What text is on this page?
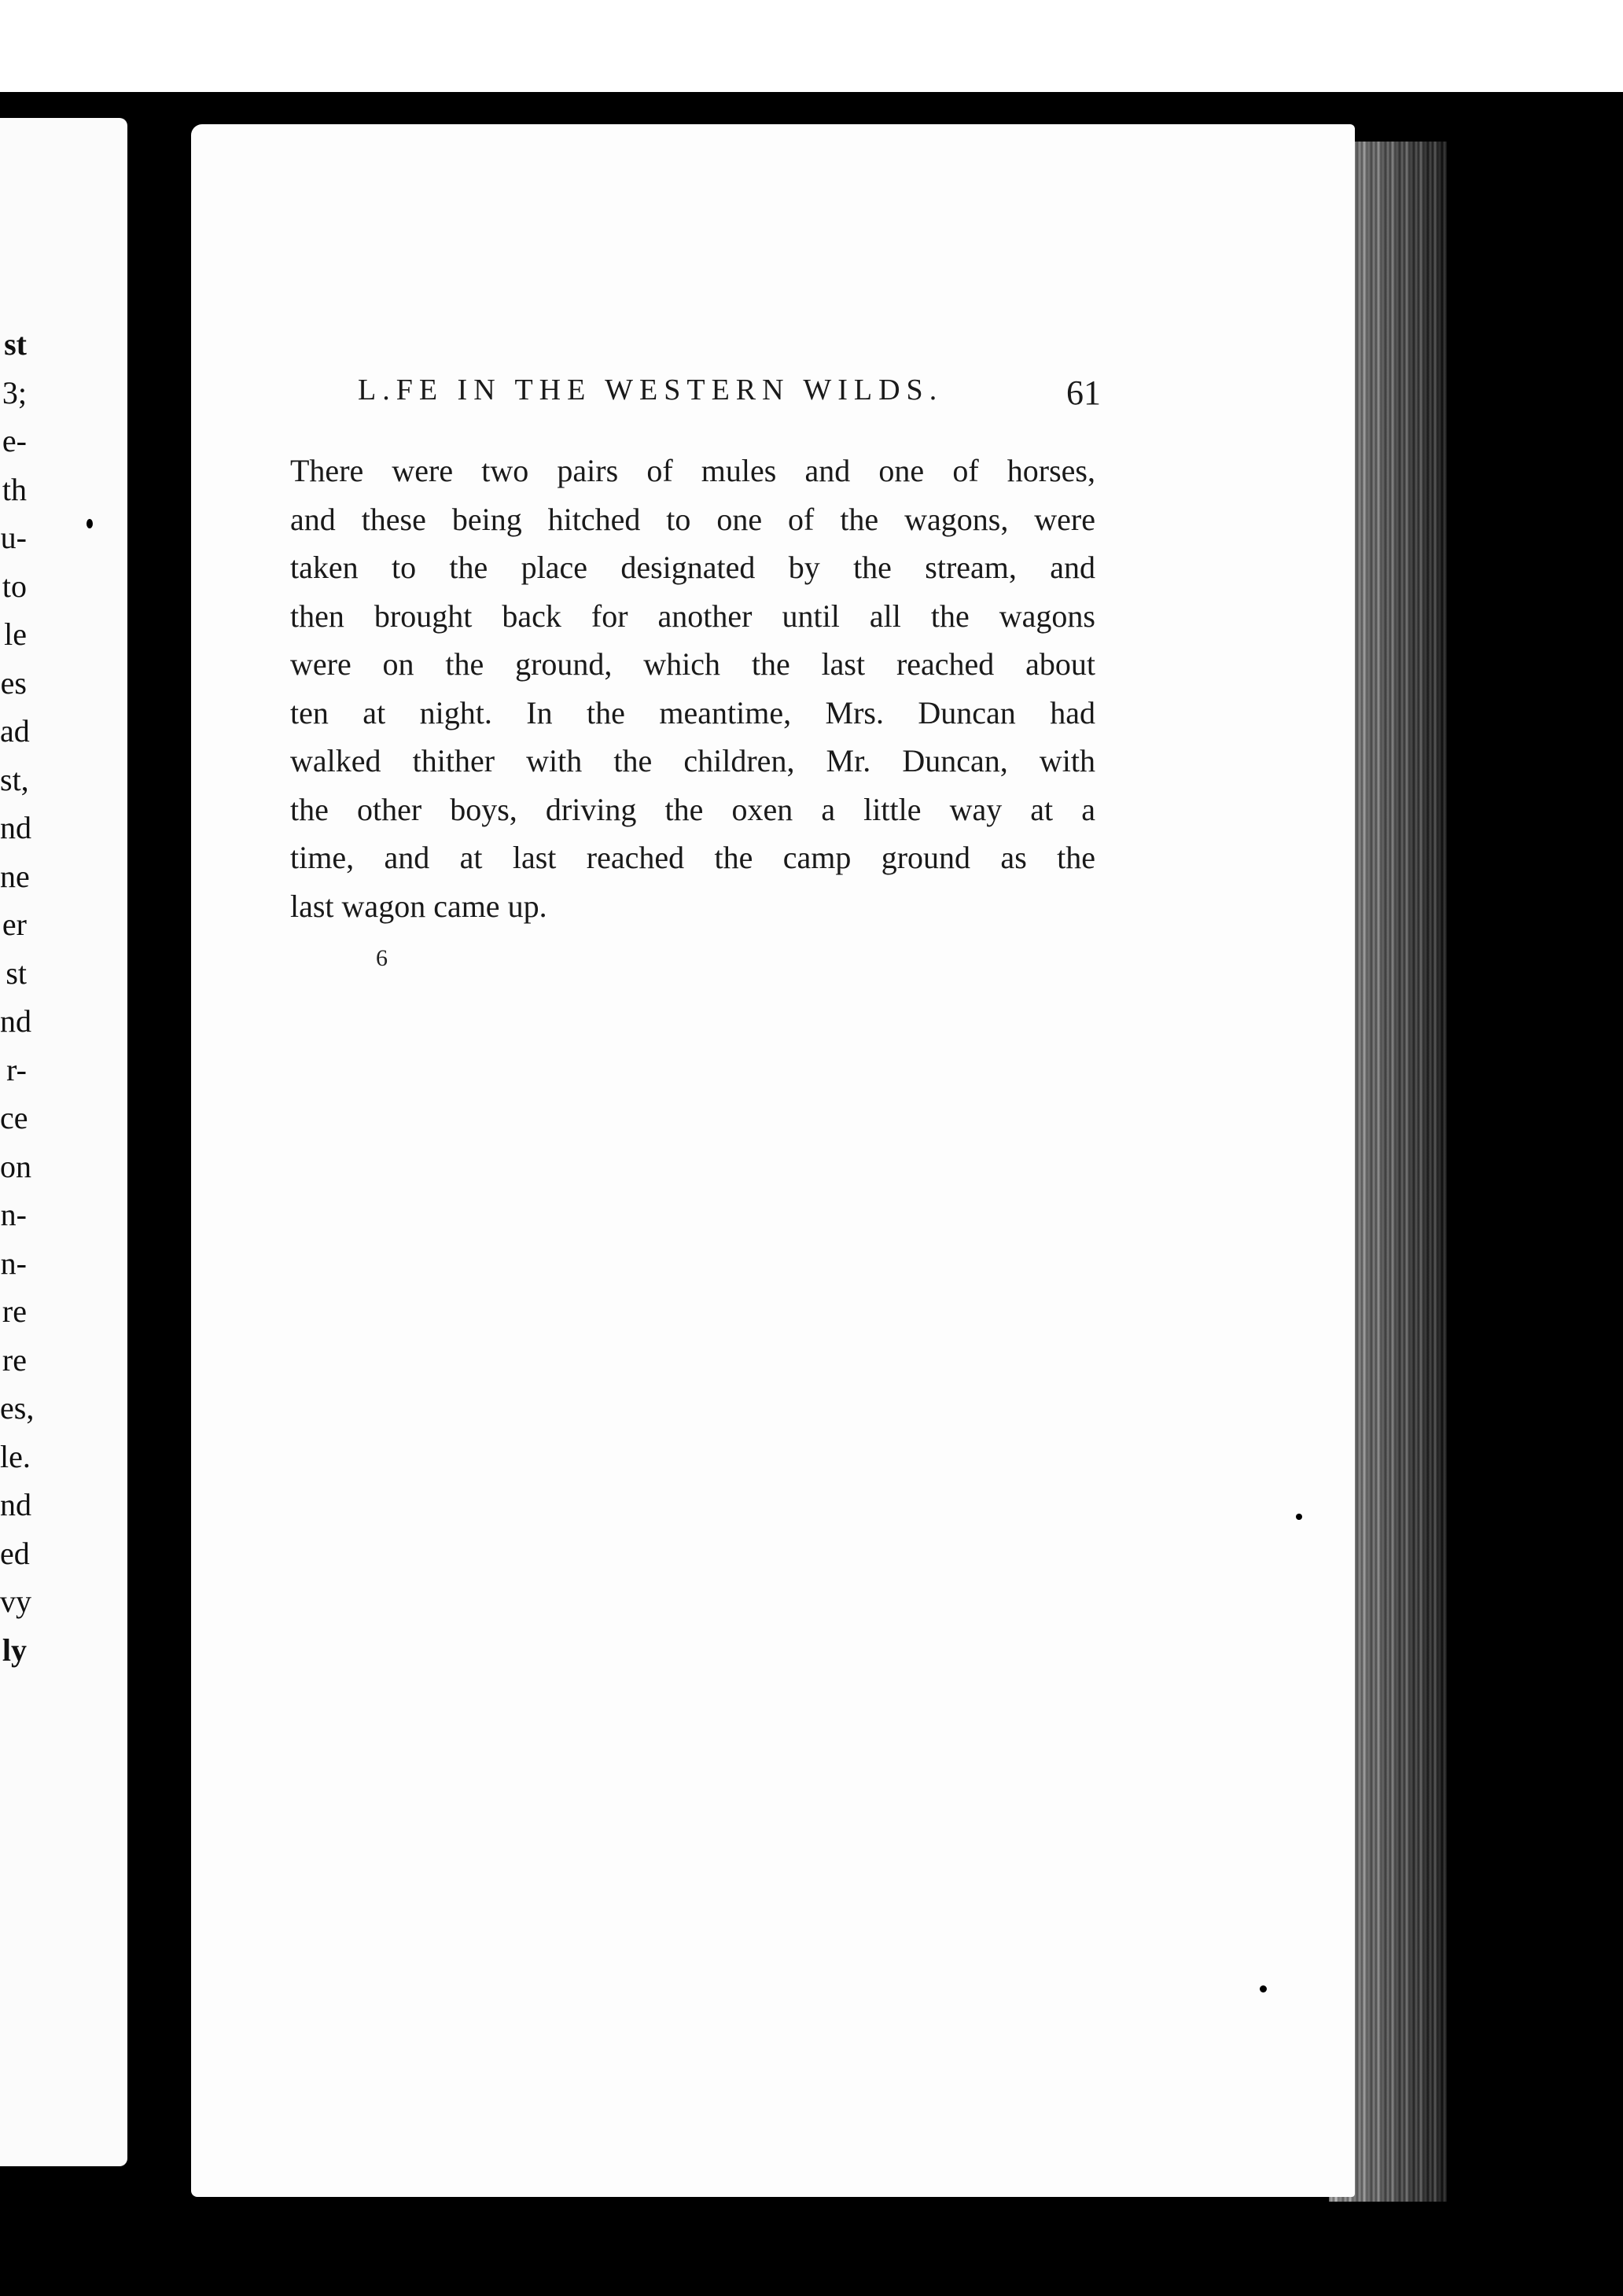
st
3;
e-
th
u-
to
le
es
ad
st,
nd
ne
er
st
nd
r-
ce
on
n-
n-
re
re
es,
le.
nd
ed
vy
ly
L.FE IN THE WESTERN WILDS.	61
There were two pairs of mules and one of horses,
and these being hitched to one of the wagons, were
taken to the place designated by the stream, and
then brought back for another until all the wagons
were on the ground, which the last reached about
ten at night. In the meantime, Mrs. Duncan had
walked thither with the children, Mr. Duncan, with
the other boys, driving the oxen a little way at a
time, and at last reached the camp ground as the
last wagon came up.
6
